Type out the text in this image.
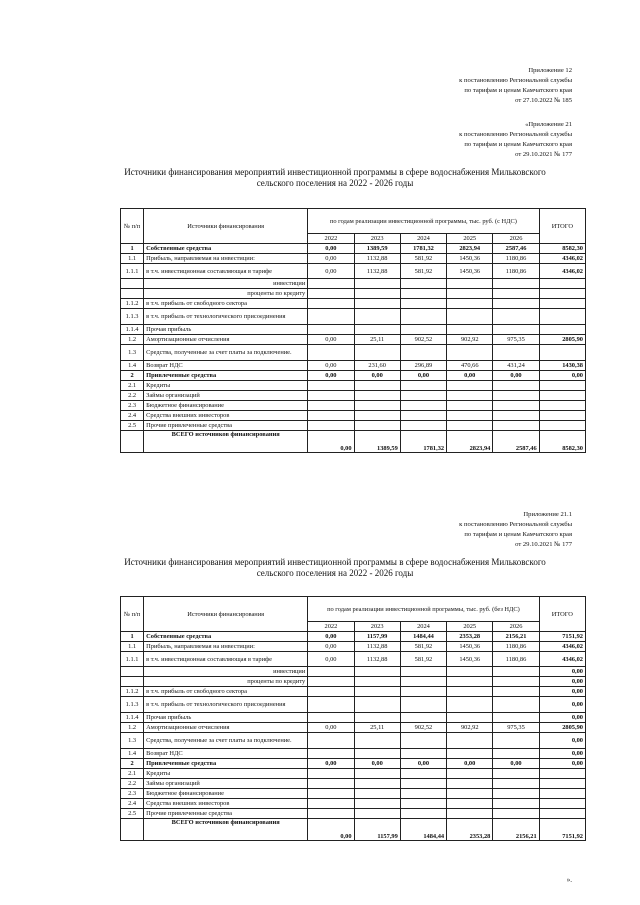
Приложение 12
к постановлению Региональной службы
по тарифам и ценам Камчатского края
от 27.10.2022 № 185
«Приложение 21
к постановлению Региональной службы
по тарифам и ценам Камчатского края
от 29.10.2021 № 177
Источники финансирования мероприятий инвестиционной программы в сфере водоснабжения Мильковского сельского поселения на 2022 - 2026 годы
№ п/п	Источники финансирования	по годам реализации инвестиционной программы, тыс. руб. (с НДС)					ИТОГО
		2022	2023	2024	2025	2026	
1	Собственные средства	0,00	1389,59	1781,32	2823,94	2587,46	8582,30
1.1	Прибыль, направляемая на инвестиции:	0,00	1132,88	581,92	1450,36	1180,86	4346,02
1.1.1	в т.ч. инвестиционная составляющая в тарифе	0,00	1132,88	581,92	1450,36	1180,86	4346,02
	инвестиции						
	проценты по кредиту						
1.1.2	в т.ч. прибыль от свободного сектора						
1.1.3	в т.ч. прибыль от технологического присоединения						
1.1.4	Прочая прибыль						
1.2	Амортизационные отчисления	0,00	25,11	902,52	902,92	975,35	2805,90
1.3	Средства, полученные за счет платы за подключение.						
1.4	Возврат НДС	0,00	231,60	296,89	470,66	431,24	1430,38
2	Привлеченные средства	0,00	0,00	0,00	0,00	0,00	0,00
2.1	Кредиты						
2.2	Займы организаций						
2.3	Бюджетное финансирование						
2.4	Средства внешних инвесторов						
2.5	Прочие привлеченные средства						
	ВСЕГО источников финансирования	0,00	1389,59	1781,32	2823,94	2587,46	8582,30
Приложение 21.1
к постановлению Региональной службы
по тарифам и ценам Камчатского края
от 29.10.2021 № 177
Источники финансирования мероприятий инвестиционной программы в сфере водоснабжения Мильковского сельского поселения на 2022 - 2026 годы
№ п/п	Источники финансирования	по годам реализации инвестиционной программы, тыс. руб. (без НДС)					ИТОГО
		2022	2023	2024	2025	2026	
1	Собственные средства	0,00	1157,99	1484,44	2353,28	2156,21	7151,92
1.1	Прибыль, направляемая на инвестиции:	0,00	1132,88	581,92	1450,36	1180,86	4346,02
1.1.1	в т.ч. инвестиционная составляющая в тарифе	0,00	1132,88	581,92	1450,36	1180,86	4346,02
	инвестиции						0,00
	проценты по кредиту						0,00
1.1.2	в т.ч. прибыль от свободного сектора						0,00
1.1.3	в т.ч. прибыль от технологического присоединения						0,00
1.1.4	Прочая прибыль						0,00
1.2	Амортизационные отчисления	0,00	25,11	902,52	902,92	975,35	2805,90
1.3	Средства, полученные за счет платы за подключение.						0,00
1.4	Возврат НДС						0,00
2	Привлеченные средства	0,00	0,00	0,00	0,00	0,00	0,00
2.1	Кредиты						
2.2	Займы организаций						
2.3	Бюджетное финансирование						
2.4	Средства внешних инвесторов						
2.5	Прочие привлеченные средства						
	ВСЕГО источников финансирования	0,00	1157,99	1484,44	2353,28	2156,21	7151,92
».
